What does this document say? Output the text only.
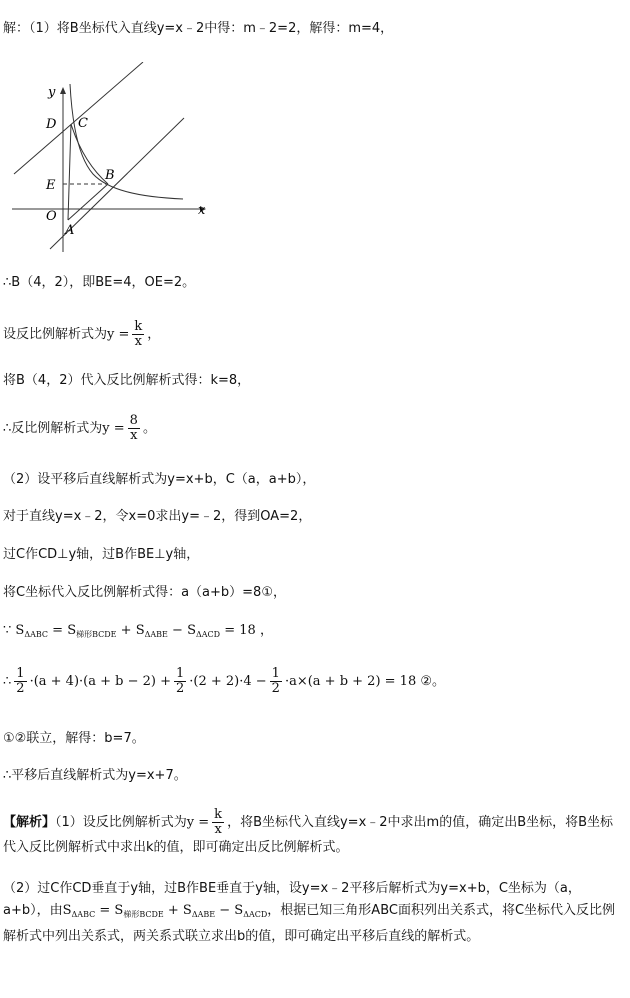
解：（1）将B坐标代入直线y=x﹣2中得：m﹣2=2，解得：m=4，
y
x
D C
B
E
O
A
∴B（4，2），即BE=4，OE=2。
设反比例解析式为$y = \frac{k}{x}$ ，
将B（4，2）代入反比例解析式得：k=8，
∴反比例解析式为$y = \frac{8}{x}$ 。
（2）设平移后直线解析式为y=x+b，C（a，a+b），
对于直线y=x﹣2，令x=0求出y=﹣2，得到OA=2，
过C作CD⊥y轴，过B作BE⊥y轴，
将C坐标代入反比例解析式得：a（a+b）=8①，
∵ $S_{\Delta ABC} = S_{梯形BCDE} + S_{\Delta ABE} - S_{\Delta ACD} = 18$ ，
∴ $\frac{1}{2} \cdot(a + 4)\cdot(a + b - 2) + \frac{1}{2} \cdot(2 + 2)\cdot 4 - \frac{1}{2} \cdot a\times(a + b + 2) = 18$ ②。
①②联立，解得：b=7。
∴平移后直线解析式为y=x+7。
【解析】（1）设反比例解析式为$y = \frac{k}{x}$ ，将B坐标代入直线y=x﹣2中求出m的值，确定出B坐标，将B坐标代入反比例解析式中求出k的值，即可确定出反比例解析式。
（2）过C作CD垂直于y轴，过B作BE垂直于y轴，设y=x﹣2平移后解析式为y=x+b，C坐标为（a，a+b），由$S_{\Delta ABC} = S_{梯形BCDE} + S_{\Delta ABE} - S_{\Delta ACD}$，根据已知三角形ABC面积列出关系式，将C坐标代入反比例解析式中列出关系式，两关系式联立求出b的值，即可确定出平移后直线的解析式。
